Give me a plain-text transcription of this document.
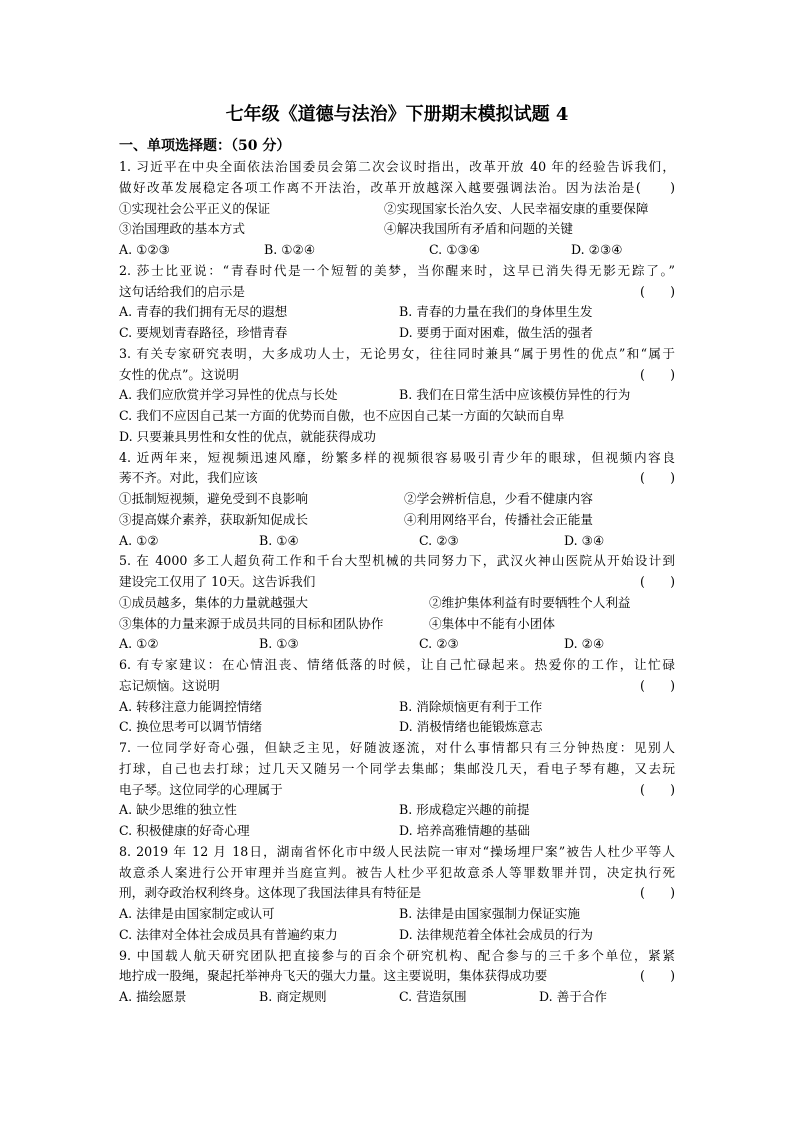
七年级《道德与法治》下册期末模拟试题 4
一、单项选择题：（50 分）
1. 习近平在中央全面依法治国委员会第二次会议时指出，改革开放 40 年的经验告诉我们，
做好改革发展稳定各项工作离不开法治，改革开放越深入越要强调法治。因为法治是(　　)
①实现社会公平正义的保证	②实现国家长治久安、人民幸福安康的重要保障
③治国理政的基本方式	④解决我国所有矛盾和问题的关键
A. ①②③	B. ①②④	C. ①③④	D. ②③④
2. 莎士比亚说：“青春时代是一个短暂的美梦，当你醒来时，这早已消失得无影无踪了。”
这句话给我们的启示是	(　　)
A. 青春的我们拥有无尽的遐想	B. 青春的力量在我们的身体里生发
C. 要规划青春路径，珍惜青春	D. 要勇于面对困难，做生活的强者
3. 有关专家研究表明，大多成功人士，无论男女，往往同时兼具“属于男性的优点”和“属于
女性的优点”。这说明	(　　)
A. 我们应欣赏并学习异性的优点与长处	B. 我们在日常生活中应该模仿异性的行为
C. 我们不应因自己某一方面的优势而自傲，也不应因自己某一方面的欠缺而自卑
D. 只要兼具男性和女性的优点，就能获得成功
4. 近两年来，短视频迅速风靡，纷繁多样的视频很容易吸引青少年的眼球，但视频内容良
莠不齐。对此，我们应该	(　　)
①抵制短视频，避免受到不良影响	②学会辨析信息，少看不健康内容
③提高媒介素养，获取新知促成长	④利用网络平台，传播社会正能量
A. ①②	B. ①④	C. ②③	D. ③④
5. 在 4000 多工人超负荷工作和千台大型机械的共同努力下，武汉火神山医院从开始设计到
建设完工仅用了 10天。这告诉我们	(　　)
①成员越多，集体的力量就越强大	②维护集体利益有时要牺牲个人利益
③集体的力量来源于成员共同的目标和团队协作	④集体中不能有小团体
A. ①②	B. ①③	C. ②③	D. ②④
6. 有专家建议：在心情沮丧、情绪低落的时候，让自己忙碌起来。热爱你的工作，让忙碌
忘记烦恼。这说明	(　　)
A. 转移注意力能调控情绪	B. 消除烦恼更有利于工作
C. 换位思考可以调节情绪	D. 消极情绪也能锻炼意志
7. 一位同学好奇心强，但缺乏主见，好随波逐流，对什么事情都只有三分钟热度：见别人
打球，自己也去打球；过几天又随另一个同学去集邮；集邮没几天，看电子琴有趣，又去玩
电子琴。这位同学的心理属于	(　　)
A. 缺少思维的独立性	B. 形成稳定兴趣的前提
C. 积极健康的好奇心理	D. 培养高雅情趣的基础
8. 2019 年 12 月 18日，湖南省怀化市中级人民法院一审对“操场埋尸案”被告人杜少平等人
故意杀人案进行公开审理并当庭宣判。被告人杜少平犯故意杀人等罪数罪并罚，决定执行死
刑，剥夺政治权利终身。这体现了我国法律具有特征是	(　　)
A. 法律是由国家制定或认可	B. 法律是由国家强制力保证实施
C. 法律对全体社会成员具有普遍约束力	D. 法律规范着全体社会成员的行为
9. 中国载人航天研究团队把直接参与的百余个研究机构、配合参与的三千多个单位，紧紧
地拧成一股绳，聚起托举神舟飞天的强大力量。这主要说明，集体获得成功要	(　　)
A. 描绘愿景	B. 商定规则	C. 营造氛围	D. 善于合作
